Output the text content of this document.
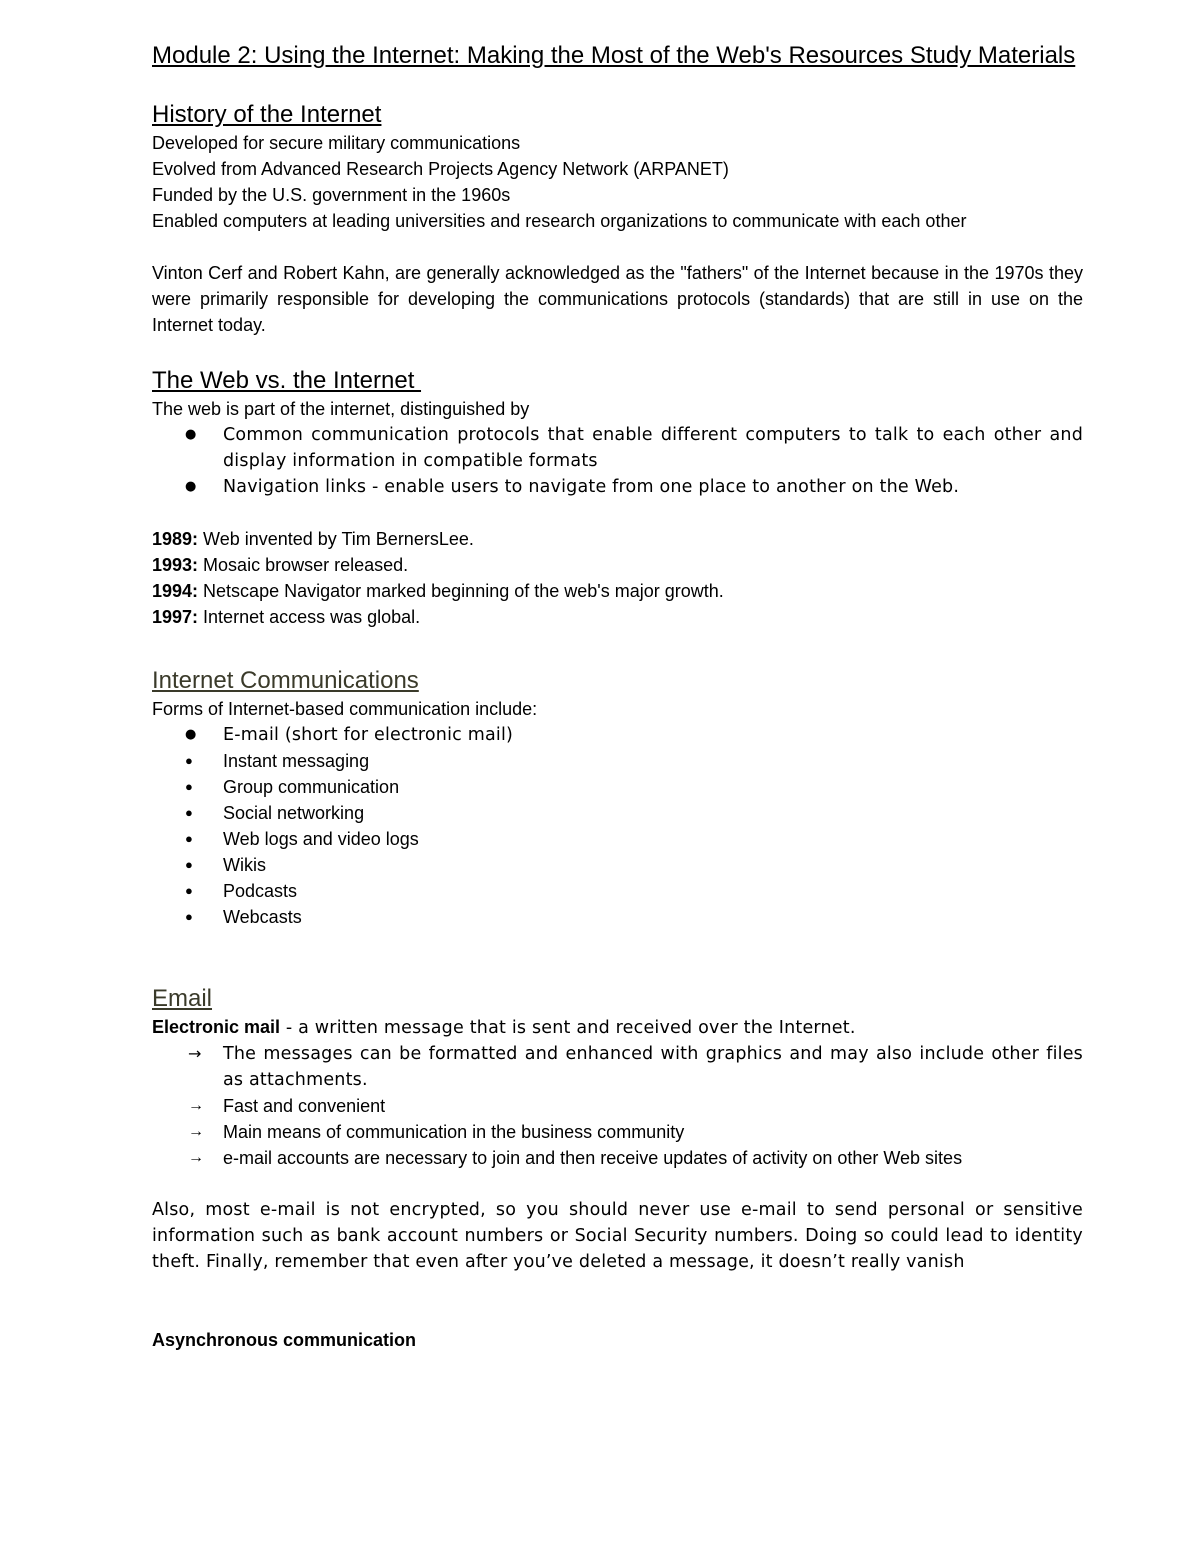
Module 2: Using the Internet: Making the Most of the Web's Resources Study Materials
History of the Internet

Developed for secure military communications

Evolved from Advanced Research Projects Agency Network (ARPANET)

Funded by the U.S. government in the 1960s

Enabled computers at leading universities and research organizations to communicate with each other

Vinton Cerf and Robert Kahn, are generally acknowledged as the "fathers" of the Internet because in the 1970s they were primarily responsible for developing the communications protocols (standards) that are still in use on the Internet today.

The Web vs. the Internet

The web is part of the internet, distinguished by

● Common communication protocols that enable different computers to talk to each other and display information in compatible formats
● Navigation links - enable users to navigate from one place to another on the Web.

1989: Web invented by Tim BernersLee.

1993: Mosaic browser released.

1994: Netscape Navigator marked beginning of the web's major growth.

1997: Internet access was global.

Internet Communications

Forms of Internet-based communication include:

● E-mail (short for electronic mail)
● Instant messaging
● Group communication
● Social networking
● Web logs and video logs
● Wikis
● Podcasts
● Webcasts
Email

Electronic mail - a written message that is sent and received over the Internet.

→ The messages can be formatted and enhanced with graphics and may also include other files as attachments.
→ Fast and convenient
→ Main means of communication in the business community
→ e-mail accounts are necessary to join and then receive updates of activity on other Web sites

Also, most e-mail is not encrypted, so you should never use e-mail to send personal or sensitive information such as bank account numbers or Social Security numbers. Doing so could lead to identity theft. Finally, remember that even after you’ve deleted a message, it doesn’t really vanish

Asynchronous communication
